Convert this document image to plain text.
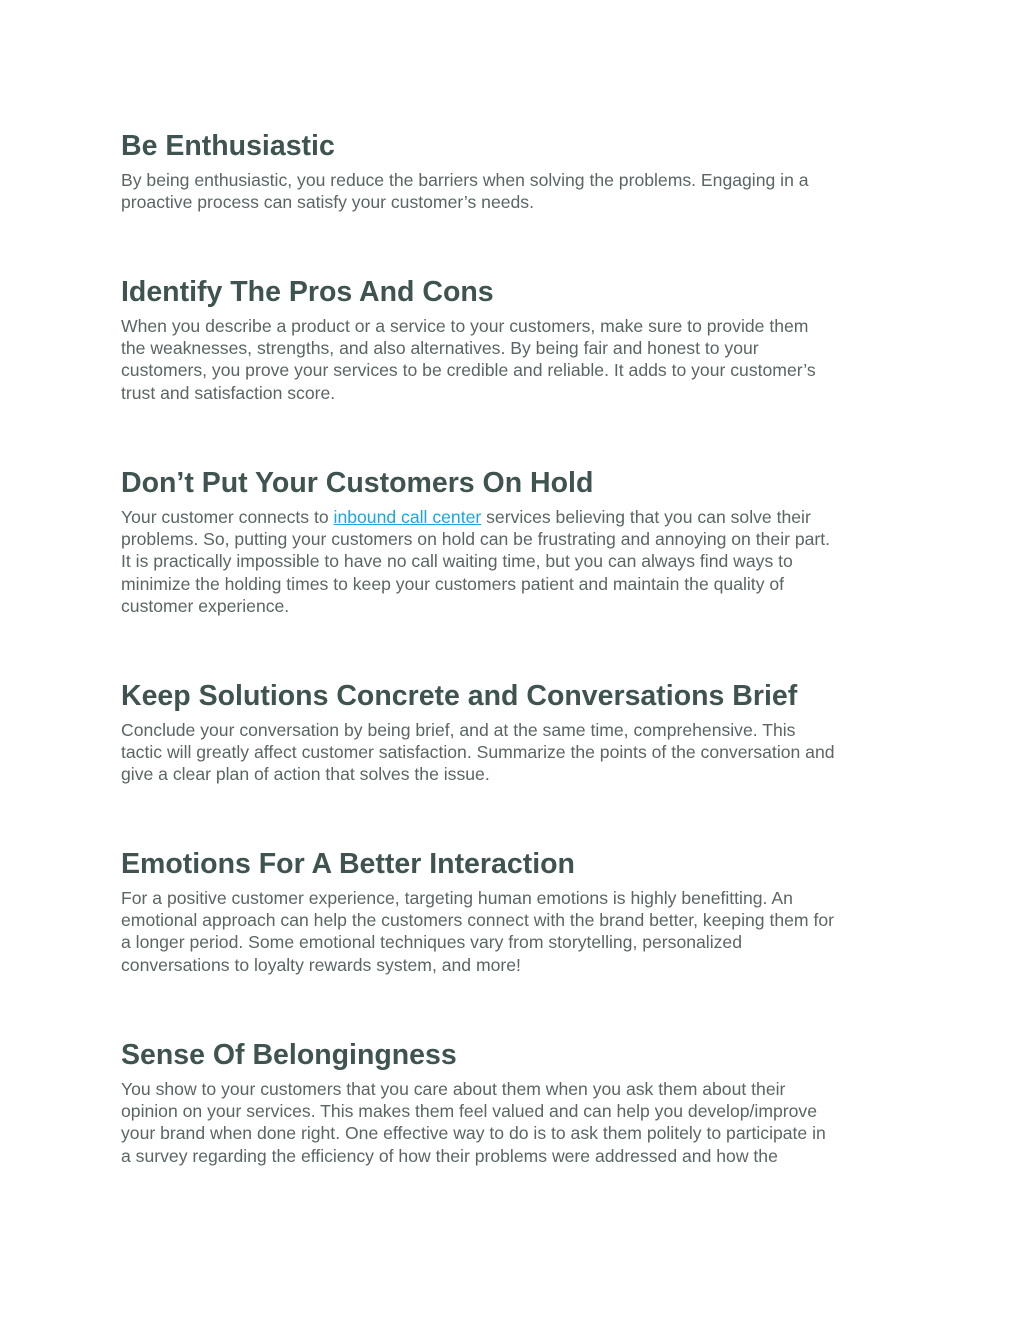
Be Enthusiastic

By being enthusiastic, you reduce the barriers when solving the problems. Engaging in a
proactive process can satisfy your customer’s needs.

Identify The Pros And Cons

When you describe a product or a service to your customers, make sure to provide them
the weaknesses, strengths, and also alternatives. By being fair and honest to your
customers, you prove your services to be credible and reliable. It adds to your customer’s
trust and satisfaction score.

Don’t Put Your Customers On Hold

Your customer connects to inbound call center services believing that you can solve their
problems. So, putting your customers on hold can be frustrating and annoying on their part.
It is practically impossible to have no call waiting time, but you can always find ways to
minimize the holding times to keep your customers patient and maintain the quality of
customer experience.

Keep Solutions Concrete and Conversations Brief

Conclude your conversation by being brief, and at the same time, comprehensive. This
tactic will greatly affect customer satisfaction. Summarize the points of the conversation and
give a clear plan of action that solves the issue.

Emotions For A Better Interaction

For a positive customer experience, targeting human emotions is highly benefitting. An
emotional approach can help the customers connect with the brand better, keeping them for
a longer period. Some emotional techniques vary from storytelling, personalized
conversations to loyalty rewards system, and more!

Sense Of Belongingness

You show to your customers that you care about them when you ask them about their
opinion on your services. This makes them feel valued and can help you develop/improve
your brand when done right. One effective way to do is to ask them politely to participate in
a survey regarding the efficiency of how their problems were addressed and how the
